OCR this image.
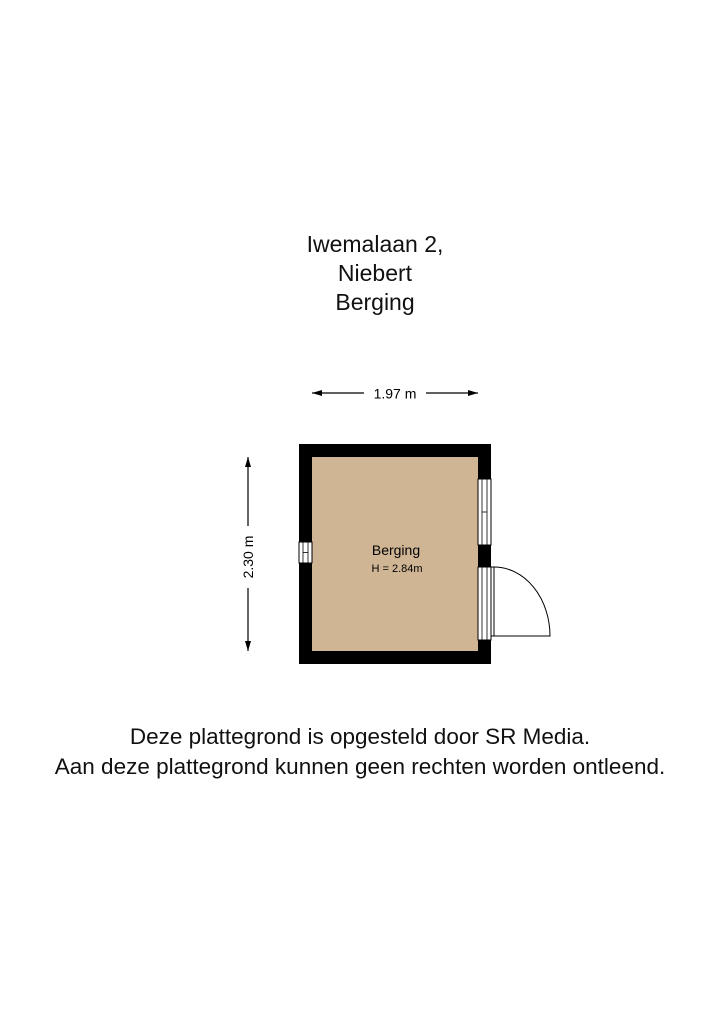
Iwemalaan 2,
Niebert
Berging
1.97 m
2.30 m	Berging
H = 2.84m
Deze plattegrond is opgesteld door SR Media.
Aan deze plattegrond kunnen geen rechten worden ontleend.
